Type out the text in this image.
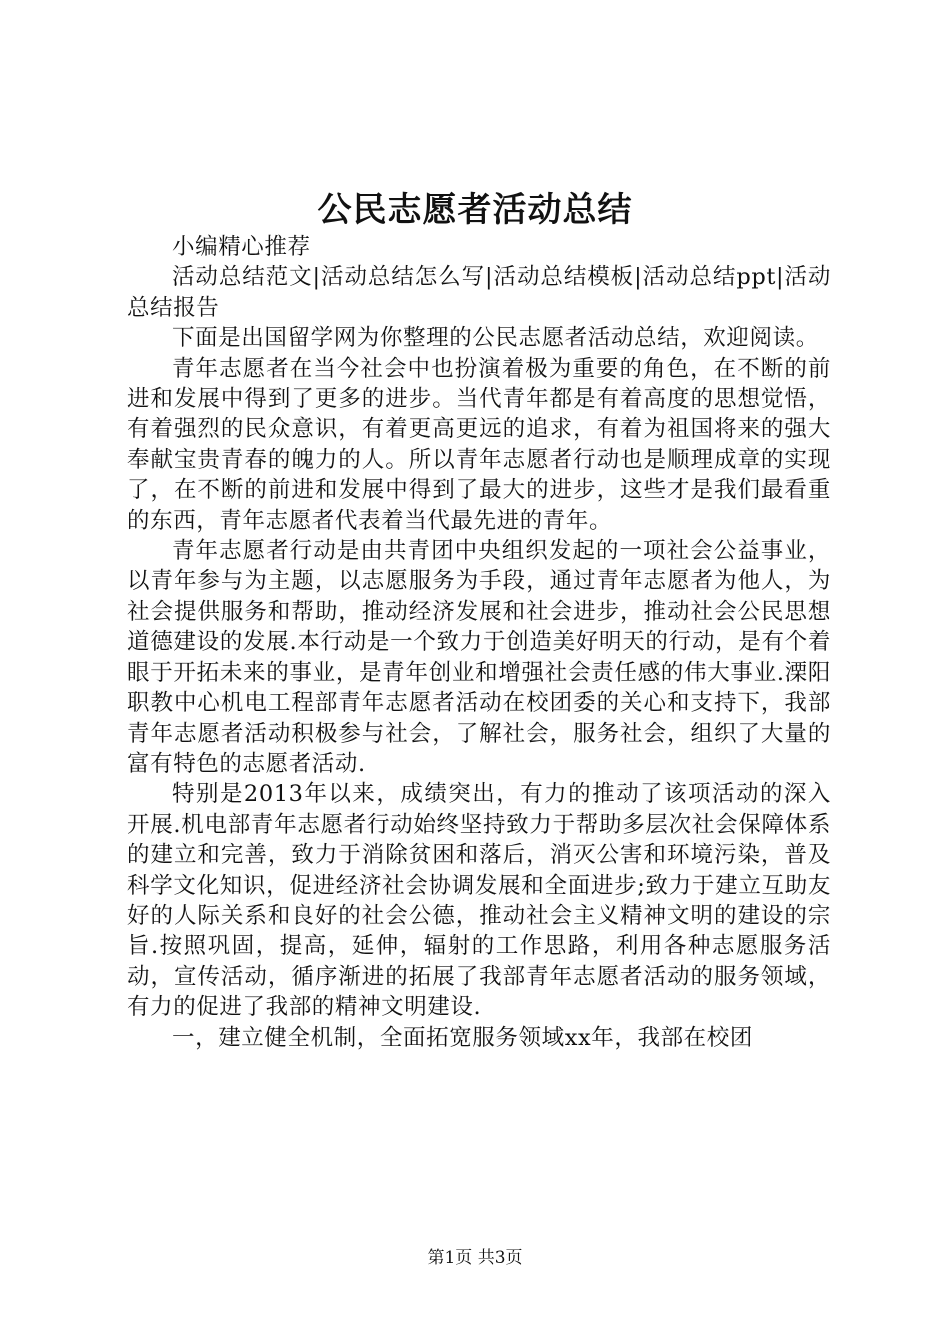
公民志愿者活动总结

小编精心推荐

活动总结范文|活动总结怎么写|活动总结模板|活动总结ppt|活动总结报告

下面是出国留学网为你整理的公民志愿者活动总结，欢迎阅读。

青年志愿者在当今社会中也扮演着极为重要的角色，在不断的前进和发展中得到了更多的进步。当代青年都是有着高度的思想觉悟，有着强烈的民众意识，有着更高更远的追求，有着为祖国将来的强大奉献宝贵青春的魄力的人。所以青年志愿者行动也是顺理成章的实现了，在不断的前进和发展中得到了最大的进步，这些才是我们最看重的东西，青年志愿者代表着当代最先进的青年。

青年志愿者行动是由共青团中央组织发起的一项社会公益事业，以青年参与为主题，以志愿服务为手段，通过青年志愿者为他人，为社会提供服务和帮助，推动经济发展和社会进步，推动社会公民思想道德建设的发展.本行动是一个致力于创造美好明天的行动，是有个着眼于开拓未来的事业，是青年创业和增强社会责任感的伟大事业.溧阳职教中心机电工程部青年志愿者活动在校团委的关心和支持下，我部青年志愿者活动积极参与社会，了解社会，服务社会，组织了大量的富有特色的志愿者活动.

特别是2013年以来，成绩突出，有力的推动了该项活动的深入开展.机电部青年志愿者行动始终坚持致力于帮助多层次社会保障体系的建立和完善，致力于消除贫困和落后，消灭公害和环境污染，普及科学文化知识，促进经济社会协调发展和全面进步;致力于建立互助友好的人际关系和良好的社会公德，推动社会主义精神文明的建设的宗旨.按照巩固，提高，延伸，辐射的工作思路，利用各种志愿服务活动，宣传活动，循序渐进的拓展了我部青年志愿者活动的服务领域，有力的促进了我部的精神文明建设.

一，建立健全机制，全面拓宽服务领域xx年，我部在校团

第1页 共3页
